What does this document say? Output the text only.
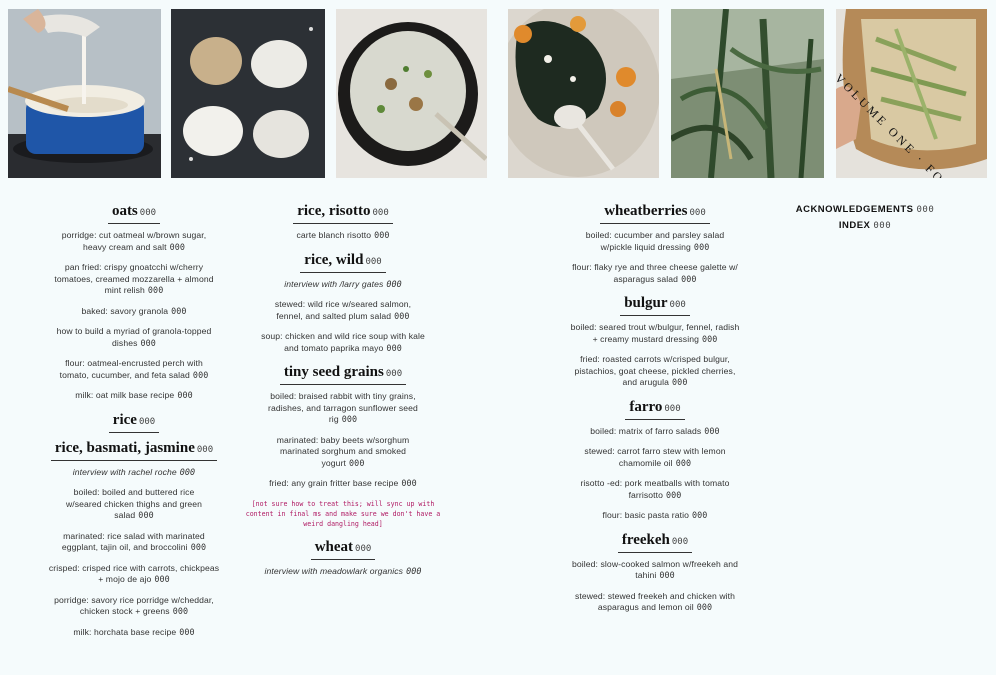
VOLUME ONE ·
oats 000
porridge: cut oatmeal w/brown sugar, heavy cream and salt 000
pan fried: crispy gnoatcchi w/cherry tomatoes, creamed mozzarella + almond mint relish 000
baked: savory granola 000
how to build a myriad of granola-topped dishes 000
flour: oatmeal-encrusted perch with tomato, cucumber, and feta salad 000
milk: oat milk base recipe 000
rice 000
rice, basmati, jasmine 000
interview with rachel roche 000
boiled: boiled and buttered rice w/seared chicken thighs and green salad 000
marinated: rice salad with marinated eggplant, tajin oil, and broccolini 000
crisped: crisped rice with carrots, chickpeas + mojo de ajo 000
porridge: savory rice porridge w/cheddar, chicken stock + greens 000
milk: horchata base recipe 000
rice, risotto 000
carte blanch risotto 000
rice, wild 000
interview with /larry gates 000
stewed: wild rice w/seared salmon, fennel, and salted plum salad 000
soup: chicken and wild rice soup with kale and tomato paprika mayo 000
tiny seed grains 000
boiled: braised rabbit with tiny grains, radishes, and tarragon sunflower seed rig 000
marinated: baby beets w/sorghum marinated sorghum and smoked yogurt 000
fried: any grain fritter base recipe 000
[not sure how to treat this; will sync up with content in final ms and make sure we don't have a weird dangling head]
wheat 000
interview with meadowlark organics 000
wheatberries 000
boiled: cucumber and parsley salad w/pickle liquid dressing 000
flour: flaky rye and three cheese galette w/ asparagus salad 000
bulgur 000
boiled: seared trout w/bulgur, fennel, radish + creamy mustard dressing 000
fried: roasted carrots w/crisped bulgur, pistachios, goat cheese, pickled cherries, and arugula 000
farro 000
boiled: matrix of farro salads 000
stewed: carrot farro stew with lemon chamomile oil 000
risotto -ed: pork meatballs with tomato farrisotto 000
flour: basic pasta ratio 000
freekeh 000
boiled: slow-cooked salmon w/freekeh and tahini 000
stewed: stewed freekeh and chicken with asparagus and lemon oil 000
ACKNOWLEDGEMENTS 000
INDEX 000
